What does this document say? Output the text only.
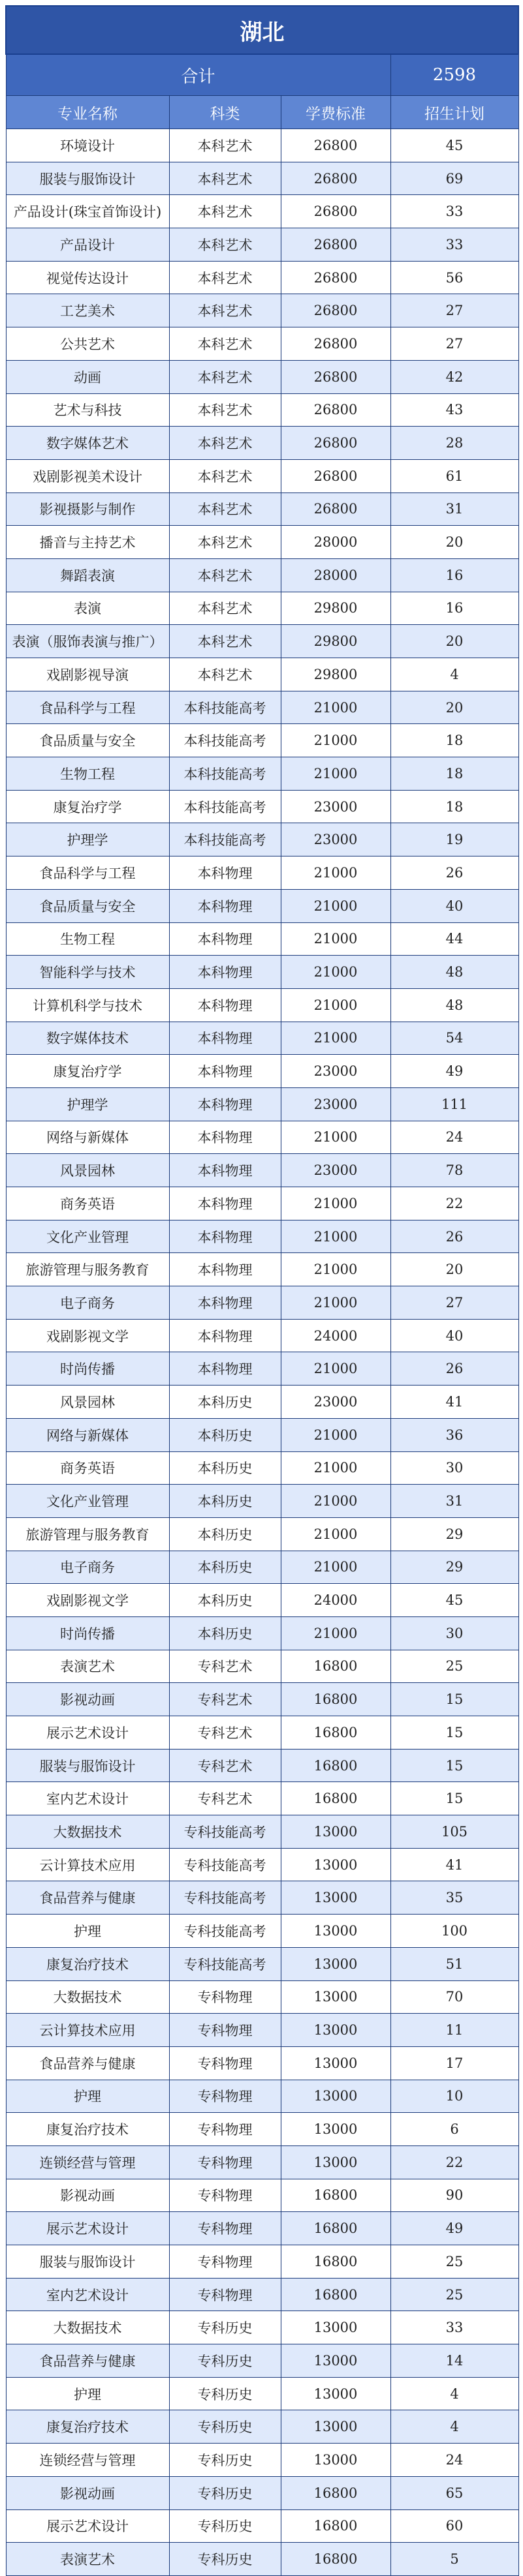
湖北			
合计			2598
专业名称	科类	学费标准	招生计划
环境设计	本科艺术	26800	45
服装与服饰设计	本科艺术	26800	69
产品设计(珠宝首饰设计)	本科艺术	26800	33
产品设计	本科艺术	26800	33
视觉传达设计	本科艺术	26800	56
工艺美术	本科艺术	26800	27
公共艺术	本科艺术	26800	27
动画	本科艺术	26800	42
艺术与科技	本科艺术	26800	43
数字媒体艺术	本科艺术	26800	28
戏剧影视美术设计	本科艺术	26800	61
影视摄影与制作	本科艺术	26800	31
播音与主持艺术	本科艺术	28000	20
舞蹈表演	本科艺术	28000	16
表演	本科艺术	29800	16
表演（服饰表演与推广）	本科艺术	29800	20
戏剧影视导演	本科艺术	29800	4
食品科学与工程	本科技能高考	21000	20
食品质量与安全	本科技能高考	21000	18
生物工程	本科技能高考	21000	18
康复治疗学	本科技能高考	23000	18
护理学	本科技能高考	23000	19
食品科学与工程	本科物理	21000	26
食品质量与安全	本科物理	21000	40
生物工程	本科物理	21000	44
智能科学与技术	本科物理	21000	48
计算机科学与技术	本科物理	21000	48
数字媒体技术	本科物理	21000	54
康复治疗学	本科物理	23000	49
护理学	本科物理	23000	111
网络与新媒体	本科物理	21000	24
风景园林	本科物理	23000	78
商务英语	本科物理	21000	22
文化产业管理	本科物理	21000	26
旅游管理与服务教育	本科物理	21000	20
电子商务	本科物理	21000	27
戏剧影视文学	本科物理	24000	40
时尚传播	本科物理	21000	26
风景园林	本科历史	23000	41
网络与新媒体	本科历史	21000	36
商务英语	本科历史	21000	30
文化产业管理	本科历史	21000	31
旅游管理与服务教育	本科历史	21000	29
电子商务	本科历史	21000	29
戏剧影视文学	本科历史	24000	45
时尚传播	本科历史	21000	30
表演艺术	专科艺术	16800	25
影视动画	专科艺术	16800	15
展示艺术设计	专科艺术	16800	15
服装与服饰设计	专科艺术	16800	15
室内艺术设计	专科艺术	16800	15
大数据技术	专科技能高考	13000	105
云计算技术应用	专科技能高考	13000	41
食品营养与健康	专科技能高考	13000	35
护理	专科技能高考	13000	100
康复治疗技术	专科技能高考	13000	51
大数据技术	专科物理	13000	70
云计算技术应用	专科物理	13000	11
食品营养与健康	专科物理	13000	17
护理	专科物理	13000	10
康复治疗技术	专科物理	13000	6
连锁经营与管理	专科物理	13000	22
影视动画	专科物理	16800	90
展示艺术设计	专科物理	16800	49
服装与服饰设计	专科物理	16800	25
室内艺术设计	专科物理	16800	25
大数据技术	专科历史	13000	33
食品营养与健康	专科历史	13000	14
护理	专科历史	13000	4
康复治疗技术	专科历史	13000	4
连锁经营与管理	专科历史	13000	24
影视动画	专科历史	16800	65
展示艺术设计	专科历史	16800	60
表演艺术	专科历史	16800	5
